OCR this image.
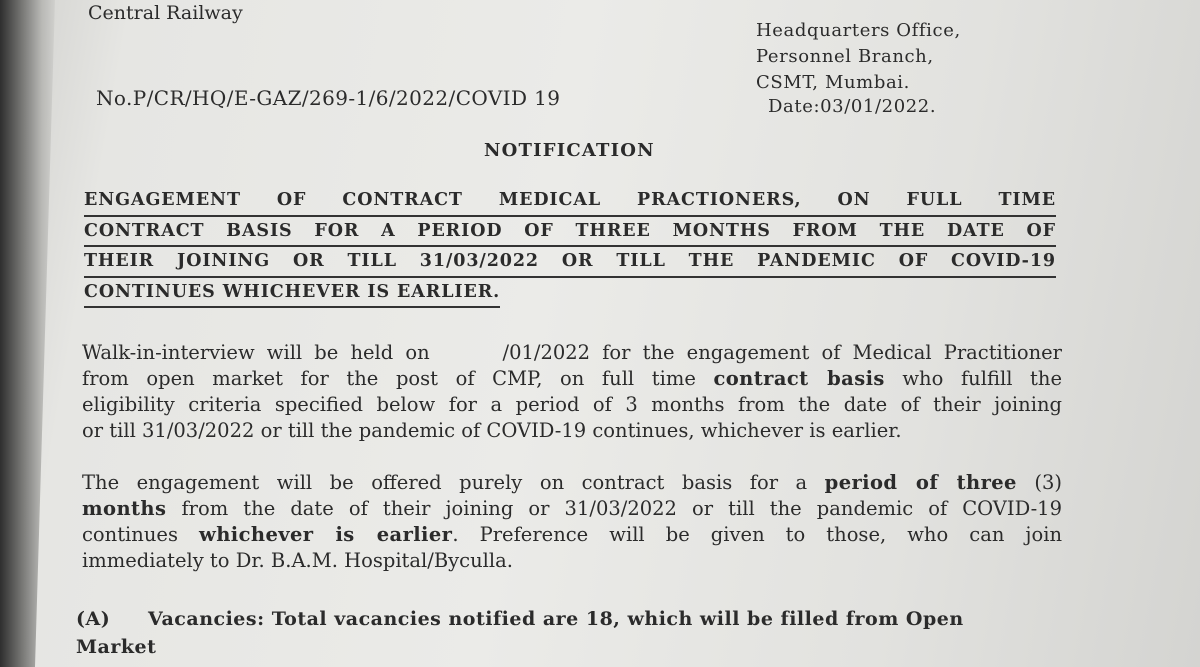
Central Railway
Headquarters Office,
Personnel Branch,
CSMT, Mumbai.
Date:03/01/2022.
No.P/CR/HQ/E-GAZ/269-1/6/2022/COVID 19
NOTIFICATION
ENGAGEMENT OF CONTRACT MEDICAL PRACTIONERS, ON FULL TIME
CONTRACT BASIS FOR A PERIOD OF THREE MONTHS FROM THE DATE OF
THEIR JOINING OR TILL 31/03/2022 OR TILL THE PANDEMIC OF COVID-19
CONTINUES WHICHEVER IS EARLIER.
Walk-in-interview will be held on      /01/2022 for the engagement of Medical Practitioner
from open market for the post of CMP, on full time contract basis who fulfill the
eligibility criteria specified below for a period of 3 months from the date of their joining
or till 31/03/2022 or till the pandemic of COVID-19 continues, whichever is earlier.
The engagement will be offered purely on contract basis for a period of three (3)
months from the date of their joining or 31/03/2022 or till the pandemic of COVID-19
continues whichever is earlier. Preference will be given to those, who can join
immediately to Dr. B.A.M. Hospital/Byculla.
(A) Vacancies: Total vacancies notified are 18, which will be filled from Open
Market
